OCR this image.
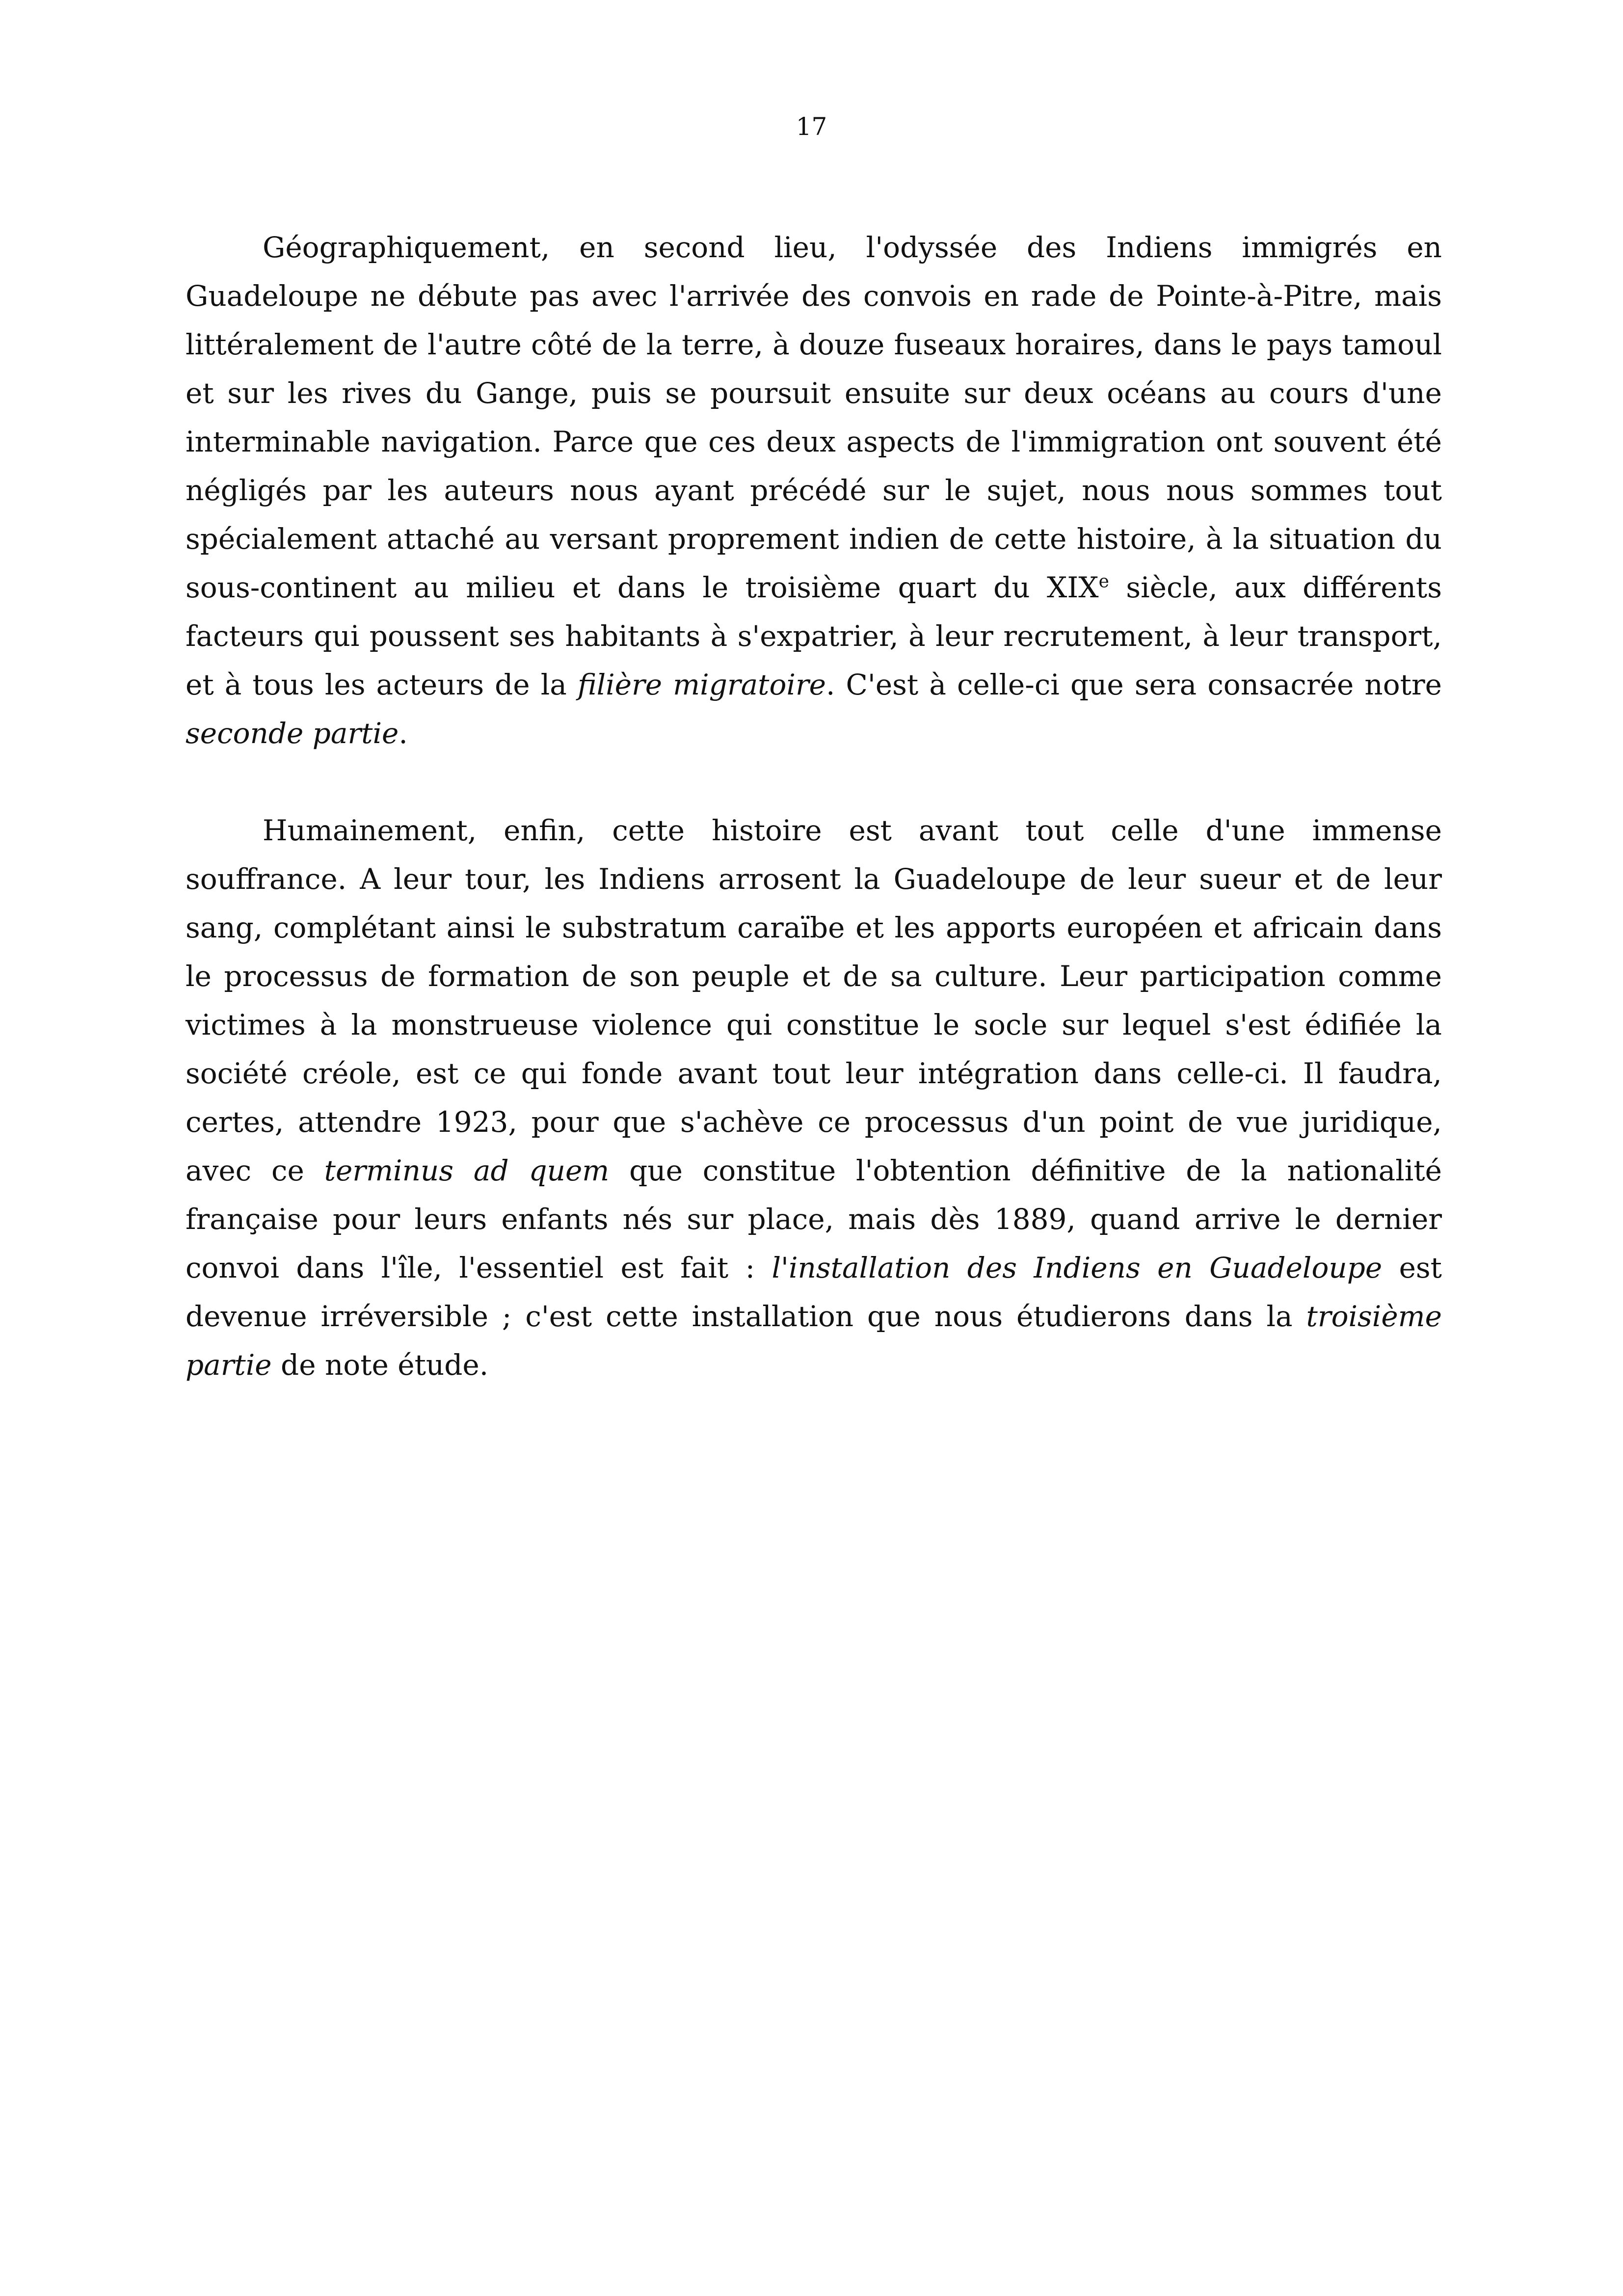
17

Géographiquement, en second lieu, l'odyssée des Indiens immigrés en Guadeloupe ne débute pas avec l'arrivée des convois en rade de Pointe-à-Pitre, mais littéralement de l'autre côté de la terre, à douze fuseaux horaires, dans le pays tamoul et sur les rives du Gange, puis se poursuit ensuite sur deux océans au cours d'une interminable navigation. Parce que ces deux aspects de l'immigration ont souvent été négligés par les auteurs nous ayant précédé sur le sujet, nous nous sommes tout spécialement attaché au versant proprement indien de cette histoire, à la situation du sous-continent au milieu et dans le troisième quart du XIXe siècle, aux différents facteurs qui poussent ses habitants à s'expatrier, à leur recrutement, à leur transport, et à tous les acteurs de la filière migratoire. C'est à celle-ci que sera consacrée notre seconde partie.

Humainement, enfin, cette histoire est avant tout celle d'une immense souffrance. A leur tour, les Indiens arrosent la Guadeloupe de leur sueur et de leur sang, complétant ainsi le substratum caraïbe et les apports européen et africain dans le processus de formation de son peuple et de sa culture. Leur participation comme victimes à la monstrueuse violence qui constitue le socle sur lequel s'est édifiée la société créole, est ce qui fonde avant tout leur intégration dans celle-ci. Il faudra, certes, attendre 1923, pour que s'achève ce processus d'un point de vue juridique, avec ce terminus ad quem que constitue l'obtention définitive de la nationalité française pour leurs enfants nés sur place, mais dès 1889, quand arrive le dernier convoi dans l'île, l'essentiel est fait : l'installation des Indiens en Guadeloupe est devenue irréversible ; c'est cette installation que nous étudierons dans la troisième partie de note étude.
